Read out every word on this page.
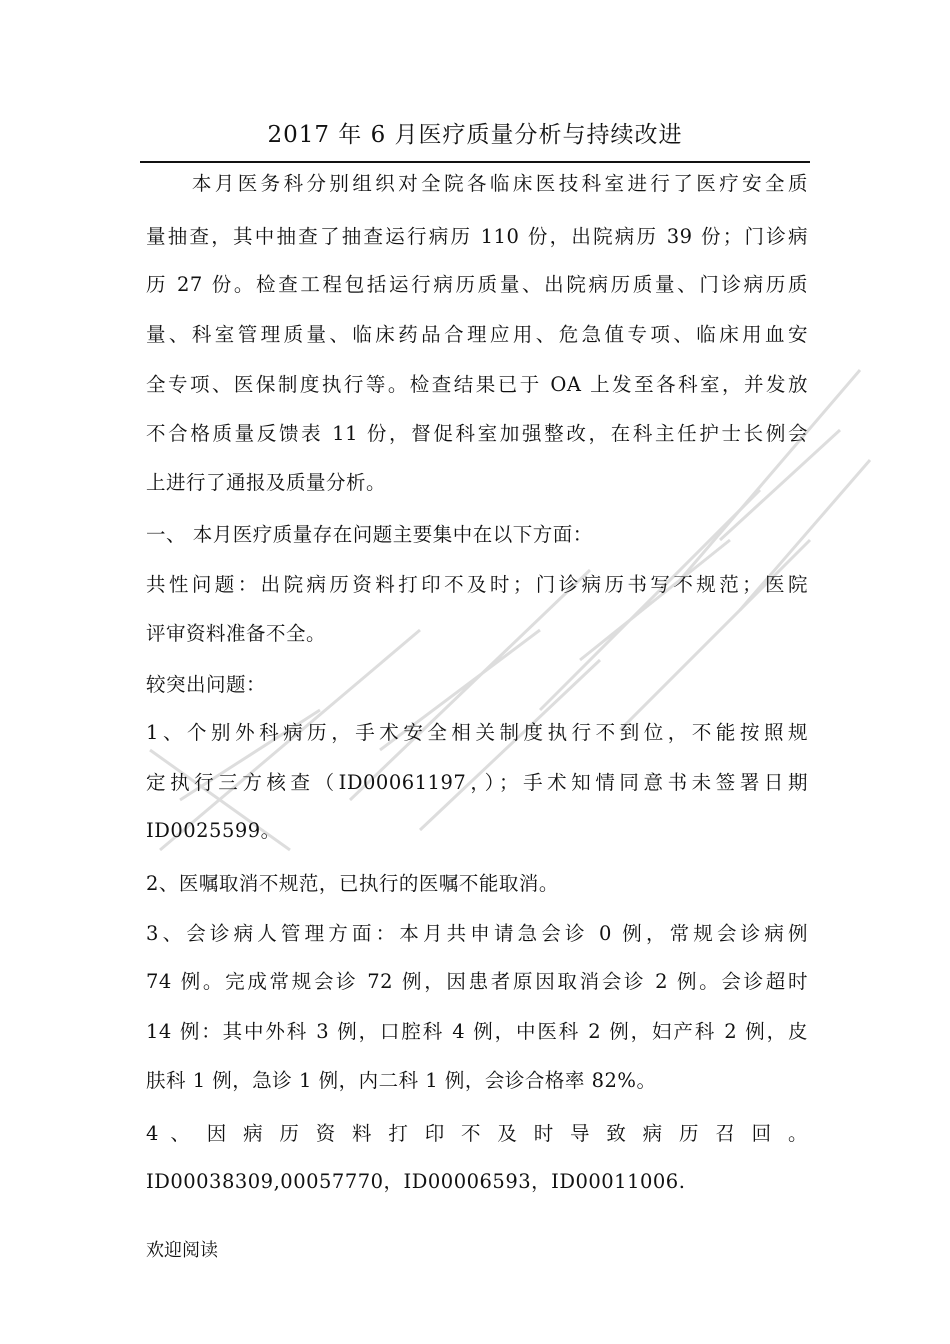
2017 年 6 月医疗质量分析与持续改进
　　本月医务科分别组织对全院各临床医技科室进行了医疗安全质
量抽查，其中抽查了抽查运行病历 110 份，出院病历 39 份；门诊病
历 27 份。检查工程包括运行病历质量、出院病历质量、门诊病历质
量、科室管理质量、临床药品合理应用、危急值专项、临床用血安
全专项、医保制度执行等。检查结果已于 OA 上发至各科室，并发放
不合格质量反馈表 11 份，督促科室加强整改，在科主任护士长例会
上进行了通报及质量分析。
一、 本月医疗质量存在问题主要集中在以下方面：
共性问题：出院病历资料打印不及时；门诊病历书写不规范；医院
评审资料准备不全。
较突出问题：
1、个别外科病历，手术安全相关制度执行不到位，不能按照规
定执行三方核查（ID00061197，）；手术知情同意书未签署日期
ID0025599。
2、医嘱取消不规范，已执行的医嘱不能取消。
3、会诊病人管理方面：本月共申请急会诊 0 例，常规会诊病例
74 例。完成常规会诊 72 例，因患者原因取消会诊 2 例。会诊超时
14 例：其中外科 3 例，口腔科 4 例，中医科 2 例，妇产科 2 例，皮
肤科 1 例，急诊 1 例，内二科 1 例，会诊合格率 82%。
4 、 因 病 历 资 料 打 印 不 及 时 导 致 病 历 召 回 。
ID00038309,00057770，ID00006593，ID00011006.
欢迎阅读
